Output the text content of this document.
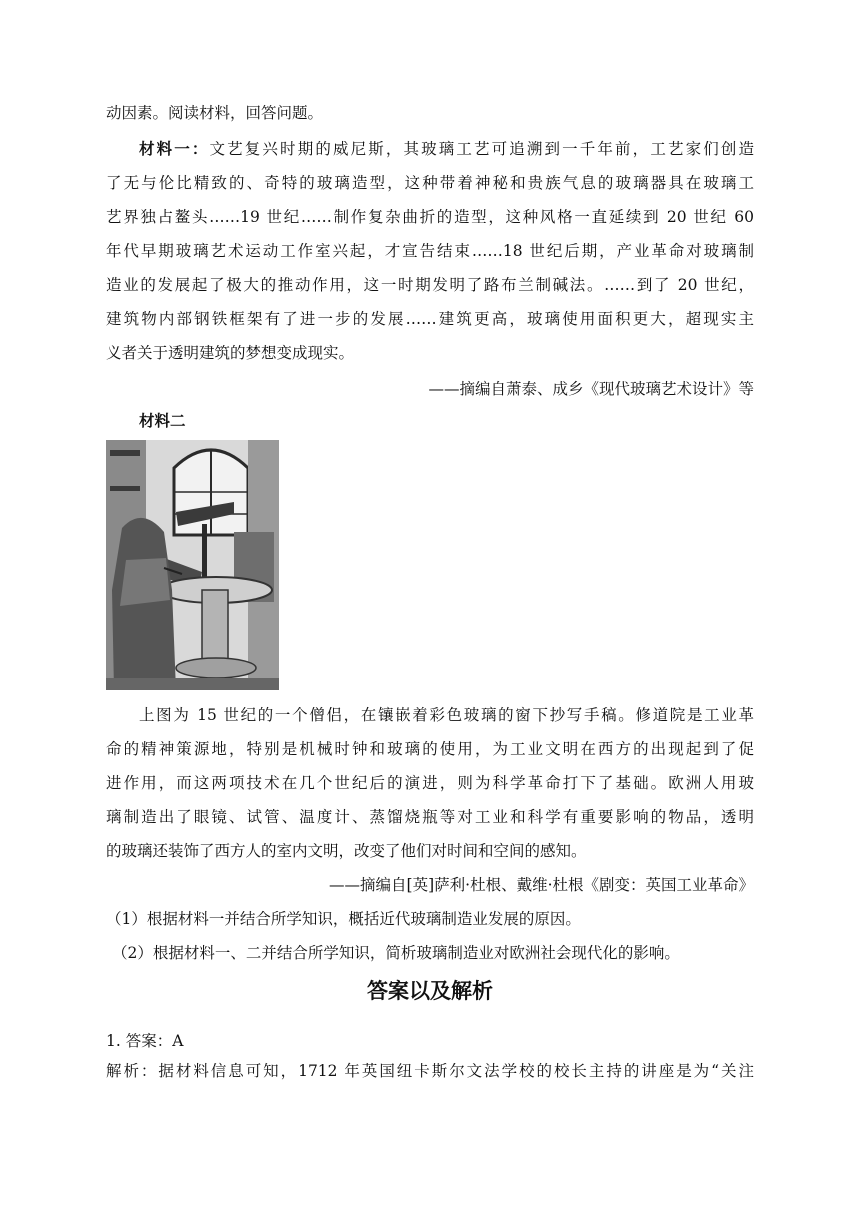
动因素。阅读材料，回答问题。
材料一：文艺复兴时期的威尼斯，其玻璃工艺可追溯到一千年前，工艺家们创造
了无与伦比精致的、奇特的玻璃造型，这种带着神秘和贵族气息的玻璃器具在玻璃工
艺界独占鳌头……19 世纪……制作复杂曲折的造型，这种风格一直延续到 20 世纪 60
年代早期玻璃艺术运动工作室兴起，才宣告结束……18 世纪后期，产业革命对玻璃制
造业的发展起了极大的推动作用，这一时期发明了路布兰制碱法。……到了 20 世纪，
建筑物内部钢铁框架有了进一步的发展……建筑更高，玻璃使用面积更大，超现实主
义者关于透明建筑的梦想变成现实。
——摘编自萧泰、成乡《现代玻璃艺术设计》等
材料二
上图为 15 世纪的一个僧侣，在镶嵌着彩色玻璃的窗下抄写手稿。修道院是工业革
命的精神策源地，特别是机械时钟和玻璃的使用，为工业文明在西方的出现起到了促
进作用，而这两项技术在几个世纪后的演进，则为科学革命打下了基础。欧洲人用玻
璃制造出了眼镜、试管、温度计、蒸馏烧瓶等对工业和科学有重要影响的物品，透明
的玻璃还装饰了西方人的室内文明，改变了他们对时间和空间的感知。
——摘编自[英]萨利·杜根、戴维·杜根《剧变：英国工业革命》
（1）根据材料一并结合所学知识，概括近代玻璃制造业发展的原因。
（2）根据材料一、二并结合所学知识，简析玻璃制造业对欧洲社会现代化的影响。
答案以及解析
1. 答案：A
解析：据材料信息可知，1712 年英国纽卡斯尔文法学校的校长主持的讲座是为“关注
